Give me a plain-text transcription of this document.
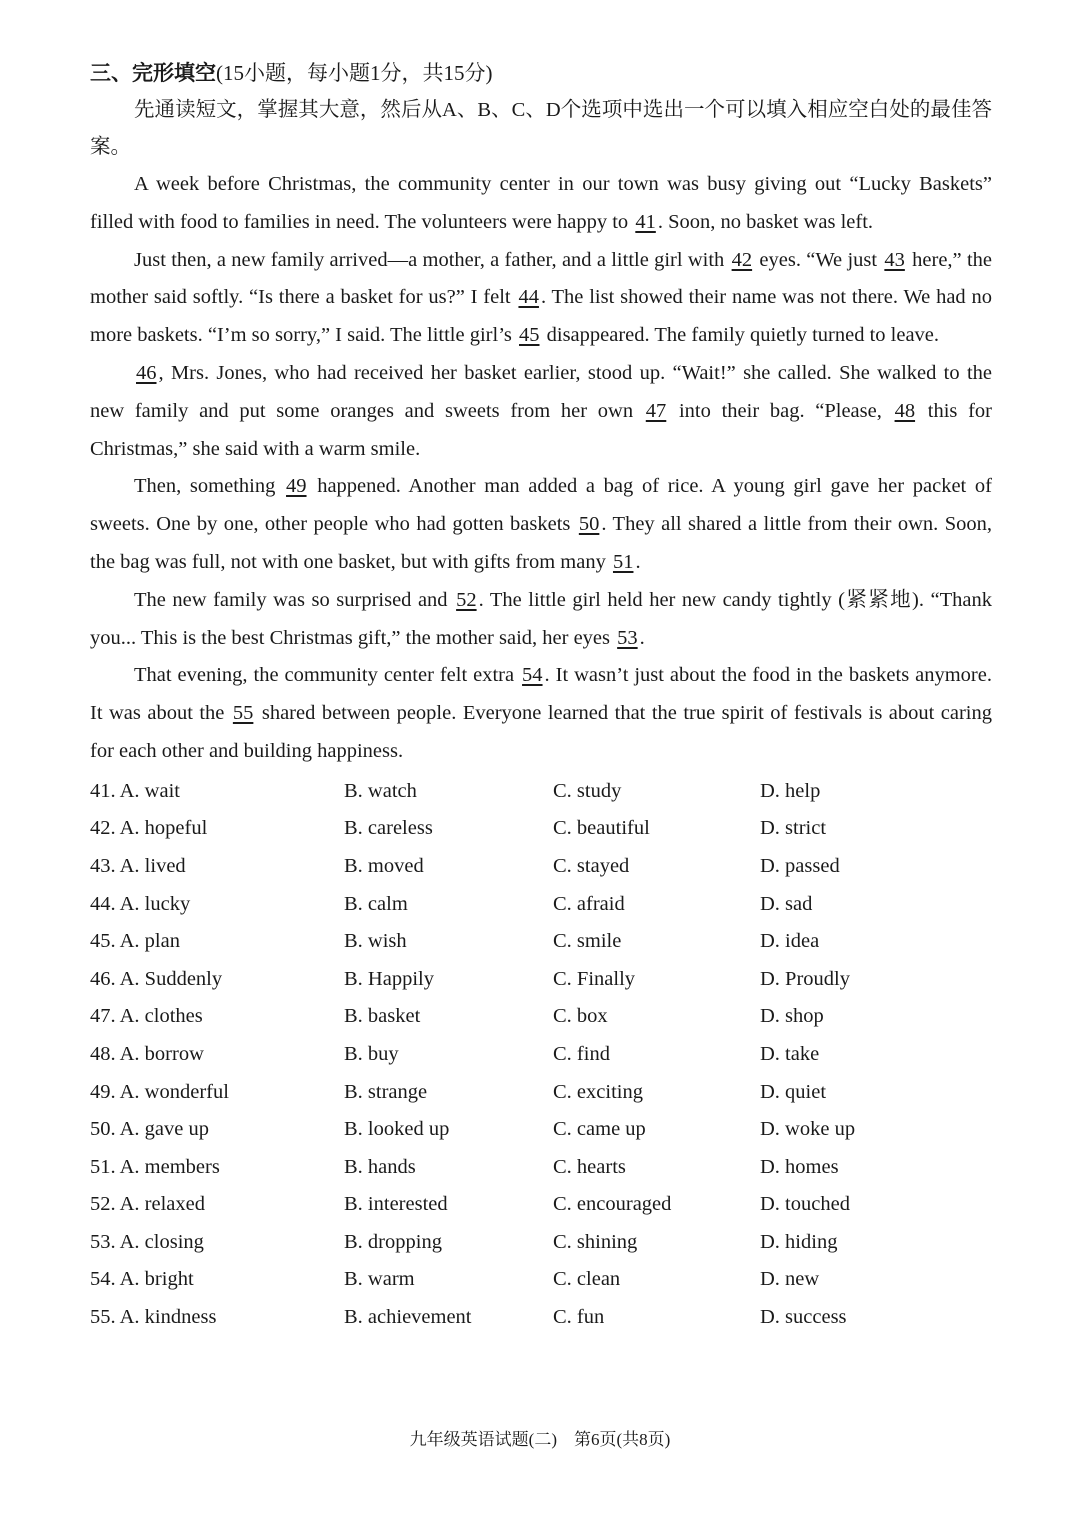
三、完形填空(15小题，每小题1分，共15分)

先通读短文，掌握其大意，然后从A、B、C、D个选项中选出一个可以填入相应空白处的最佳答案。

A week before Christmas, the community center in our town was busy giving out “Lucky Baskets” filled with food to families in need. The volunteers were happy to 41. Soon, no basket was left.

Just then, a new family arrived—a mother, a father, and a little girl with 42 eyes. “We just 43 here,” the mother said softly. “Is there a basket for us?” I felt 44. The list showed their name was not there. We had no more baskets. “I’m so sorry,” I said. The little girl’s 45 disappeared. The family quietly turned to leave.

46, Mrs. Jones, who had received her basket earlier, stood up. “Wait!” she called. She walked to the new family and put some oranges and sweets from her own 47 into their bag. “Please, 48 this for Christmas,” she said with a warm smile.

Then, something 49 happened. Another man added a bag of rice. A young girl gave her packet of sweets. One by one, other people who had gotten baskets 50. They all shared a little from their own. Soon, the bag was full, not with one basket, but with gifts from many 51.

The new family was so surprised and 52. The little girl held her new candy tightly (紧紧地). “Thank you... This is the best Christmas gift,” the mother said, her eyes 53.

That evening, the community center felt extra 54. It wasn’t just about the food in the baskets anymore. It was about the 55 shared between people. Everyone learned that the true spirit of festivals is about caring for each other and building happiness.

41. A. wait	B. watch	C. study	D. help
42. A. hopeful	B. careless	C. beautiful	D. strict
43. A. lived	B. moved	C. stayed	D. passed
44. A. lucky	B. calm	C. afraid	D. sad
45. A. plan	B. wish	C. smile	D. idea
46. A. Suddenly	B. Happily	C. Finally	D. Proudly
47. A. clothes	B. basket	C. box	D. shop
48. A. borrow	B. buy	C. find	D. take
49. A. wonderful	B. strange	C. exciting	D. quiet
50. A. gave up	B. looked up	C. came up	D. woke up
51. A. members	B. hands	C. hearts	D. homes
52. A. relaxed	B. interested	C. encouraged	D. touched
53. A. closing	B. dropping	C. shining	D. hiding
54. A. bright	B. warm	C. clean	D. new
55. A. kindness	B. achievement	C. fun	D. success
九年级英语试题(二)　第6页(共8页)
